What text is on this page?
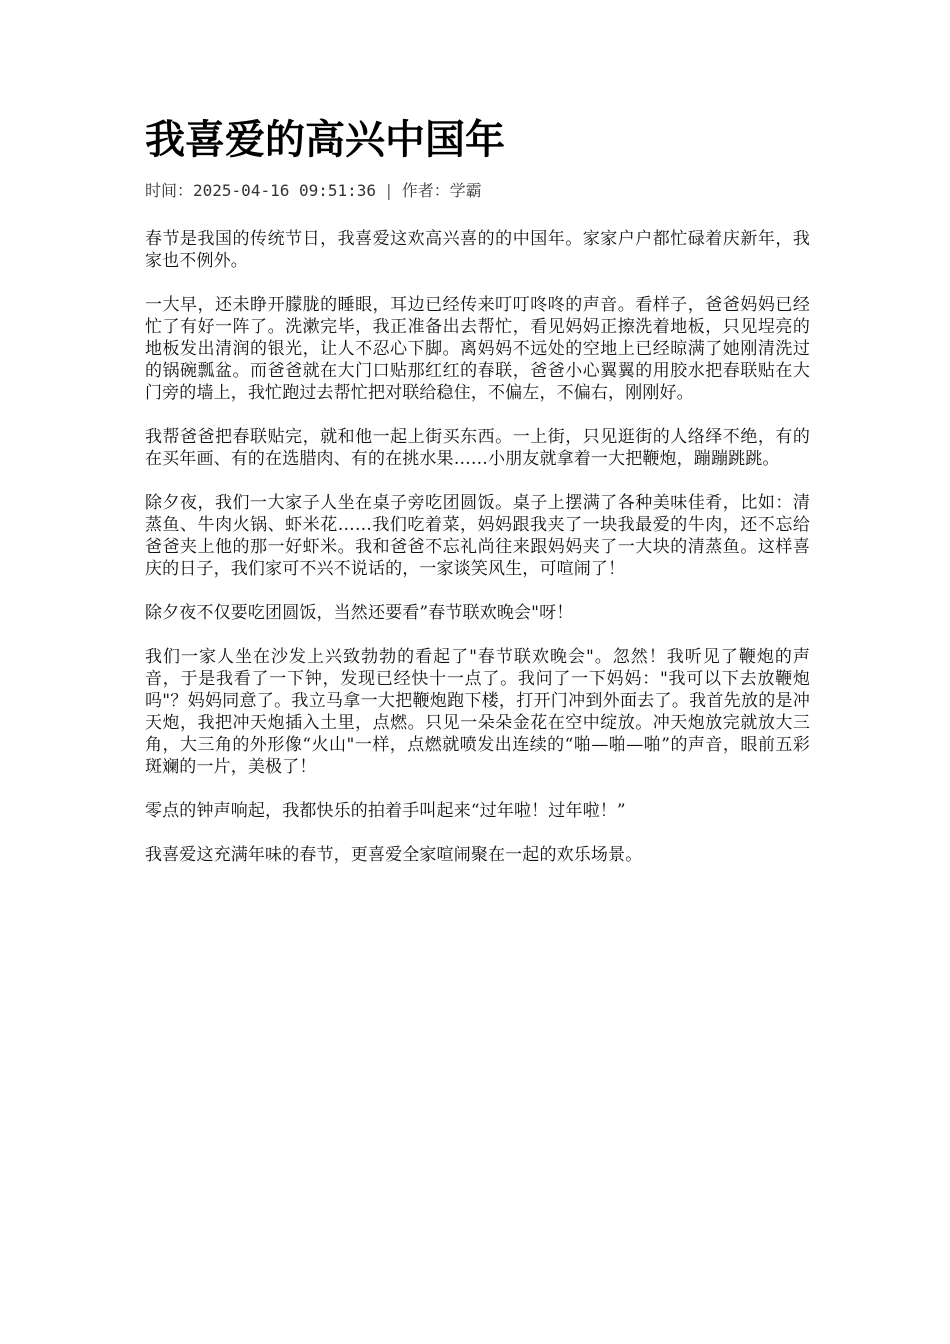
我喜爱的高兴中国年
时间：2025-04-16 09:51:36 | 作者：学霸

春节是我国的传统节日，我喜爱这欢高兴喜的的中国年。家家户户都忙碌着庆新年，我家也不例外。

一大早，还未睁开朦胧的睡眼，耳边已经传来叮叮咚咚的声音。看样子，爸爸妈妈已经忙了有好一阵了。洗漱完毕，我正准备出去帮忙，看见妈妈正擦洗着地板，只见埕亮的地板发出清润的银光，让人不忍心下脚。离妈妈不远处的空地上已经晾满了她刚清洗过的锅碗瓢盆。而爸爸就在大门口贴那红红的春联，爸爸小心翼翼的用胶水把春联贴在大门旁的墙上，我忙跑过去帮忙把对联给稳住，不偏左，不偏右，刚刚好。

我帮爸爸把春联贴完，就和他一起上街买东西。一上街，只见逛街的人络绎不绝，有的在买年画、有的在选腊肉、有的在挑水果……小朋友就拿着一大把鞭炮，蹦蹦跳跳。

除夕夜，我们一大家子人坐在桌子旁吃团圆饭。桌子上摆满了各种美味佳肴，比如：清蒸鱼、牛肉火锅、虾米花……我们吃着菜，妈妈跟我夹了一块我最爱的牛肉，还不忘给爸爸夹上他的那一好虾米。我和爸爸不忘礼尚往来跟妈妈夹了一大块的清蒸鱼。这样喜庆的日子，我们家可不兴不说话的，一家谈笑风生，可喧闹了！

除夕夜不仅要吃团圆饭，当然还要看”春节联欢晚会"呀！

我们一家人坐在沙发上兴致勃勃的看起了"春节联欢晚会"。忽然！我听见了鞭炮的声音，于是我看了一下钟，发现已经快十一点了。我问了一下妈妈："我可以下去放鞭炮吗"？妈妈同意了。我立马拿一大把鞭炮跑下楼，打开门冲到外面去了。我首先放的是冲天炮，我把冲天炮插入土里，点燃。只见一朵朵金花在空中绽放。冲天炮放完就放大三角，大三角的外形像“火山"一样，点燃就喷发出连续的“啪—啪—啪”的声音，眼前五彩斑斓的一片，美极了！

零点的钟声响起，我都快乐的拍着手叫起来“过年啦！过年啦！”

我喜爱这充满年味的春节，更喜爱全家喧闹聚在一起的欢乐场景。
